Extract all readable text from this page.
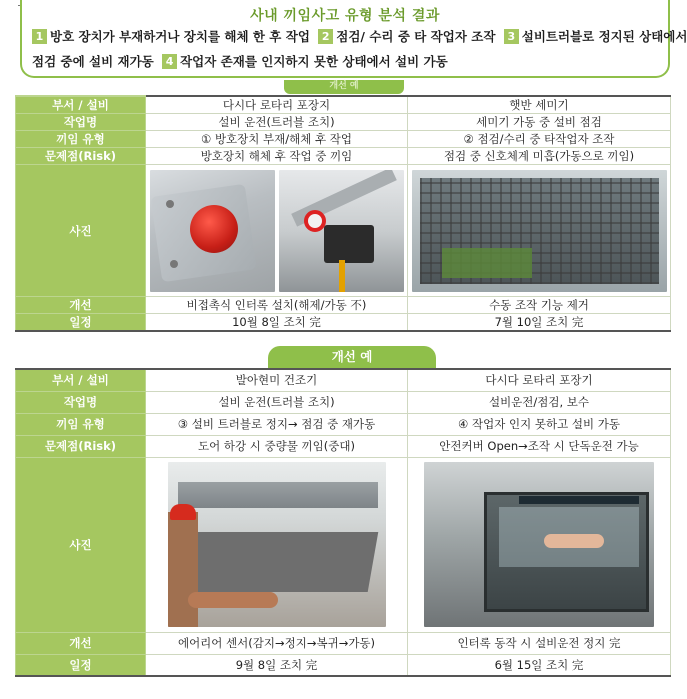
사내 끼임사고 유형 분석 결과
1 방호 장치가 부재하거나 장치를 해체 한 후 작업 2 점검/ 수리 중 타 작업자 조작 3 설비트러블로 정지된 상태에서
점검 중에 설비 재가동 4 작업자 존재를 인지하지 못한 상태에서 설비 가동
개선 예
부서 / 설비	다시다 로타리 포장지	햇반 세미기
작업명	설비 운전(트러블 조치)	세미기 가동 중 설비 점검
끼임 유형	① 방호장치 부재/해체 후 작업	② 점검/수리 중 타작업자 조작
문제점(Risk)	방호장치 해체 후 작업 중 끼임	점검 중 신호체계 미흡(가동으로 끼임)
사진	

개선	비접촉식 인터록 설치(해제/가동 不)	수동 조작 기능 제거
일정	10월 8일 조치 完	7월 10일 조치 完
개선 예
부서 / 설비	발아현미 건조기	다시다 로타리 포장기
작업명	설비 운전(트러블 조치)	설비운전/점검, 보수
끼임 유형	③ 설비 트러블로 정지→ 점검 중 재가동	④ 작업자 인지 못하고 설비 가동
문제점(Risk)	도어 하강 시 중량물 끼임(중대)	안전커버 Open→조작 시 단독운전 가능
사진	

개선	에어리어 센서(감지→정지→복귀→가동)	인터록 동작 시 설비운전 정지 完
일정	9월 8일 조치 完	6월 15일 조치 完
